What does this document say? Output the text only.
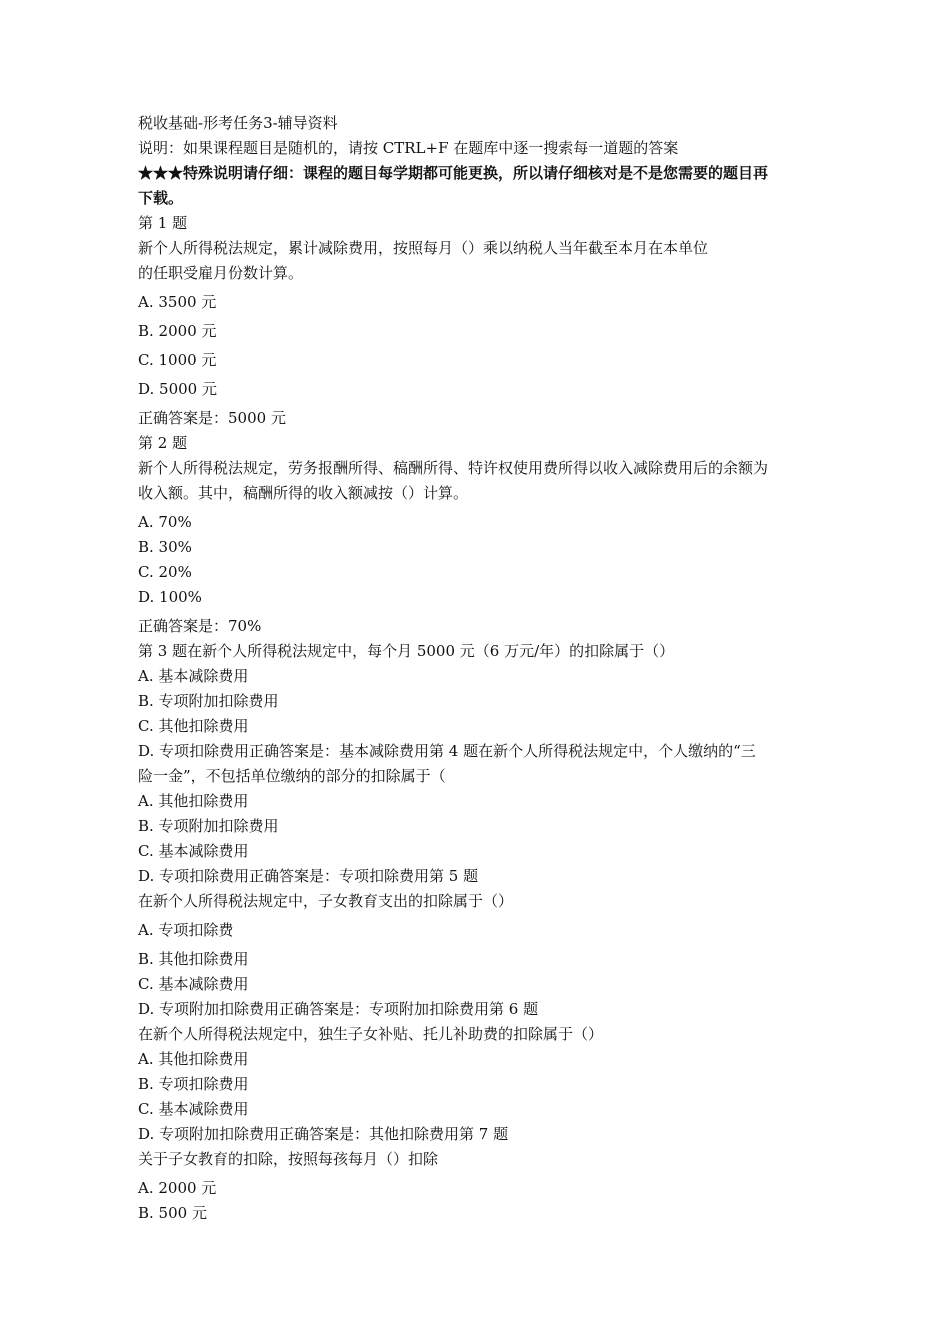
税收基础-形考任务3-辅导资料
说明：如果课程题目是随机的，请按 CTRL+F 在题库中逐一搜索每一道题的答案
★★★特殊说明请仔细：课程的题目每学期都可能更换，所以请仔细核对是不是您需要的题目再
下载。
第 1 题
新个人所得税法规定，累计减除费用，按照每月（）乘以纳税人当年截至本月在本单位
的任职受雇月份数计算。
A. 3500 元
B. 2000 元
C. 1000 元
D. 5000 元
正确答案是：5000 元
第 2 题
新个人所得税法规定，劳务报酬所得、稿酬所得、特许权使用费所得以收入减除费用后的余额为
收入额。其中，稿酬所得的收入额减按（）计算。
A. 70%
B. 30%
C. 20%
D. 100%
正确答案是：70%
第 3 题在新个人所得税法规定中，每个月 5000 元（6 万元/年）的扣除属于（）
A. 基本减除费用
B. 专项附加扣除费用
C. 其他扣除费用
D. 专项扣除费用正确答案是：基本减除费用第 4 题在新个人所得税法规定中，个人缴纳的“三
险一金”，不包括单位缴纳的部分的扣除属于（
A. 其他扣除费用
B. 专项附加扣除费用
C. 基本减除费用
D. 专项扣除费用正确答案是：专项扣除费用第 5 题
在新个人所得税法规定中，子女教育支出的扣除属于（）
A. 专项扣除费
B. 其他扣除费用
C. 基本减除费用
D. 专项附加扣除费用正确答案是：专项附加扣除费用第 6 题
在新个人所得税法规定中，独生子女补贴、托儿补助费的扣除属于（）
A. 其他扣除费用
B. 专项扣除费用
C. 基本减除费用
D. 专项附加扣除费用正确答案是：其他扣除费用第 7 题
关于子女教育的扣除，按照每孩每月（）扣除
A. 2000 元
B. 500 元
